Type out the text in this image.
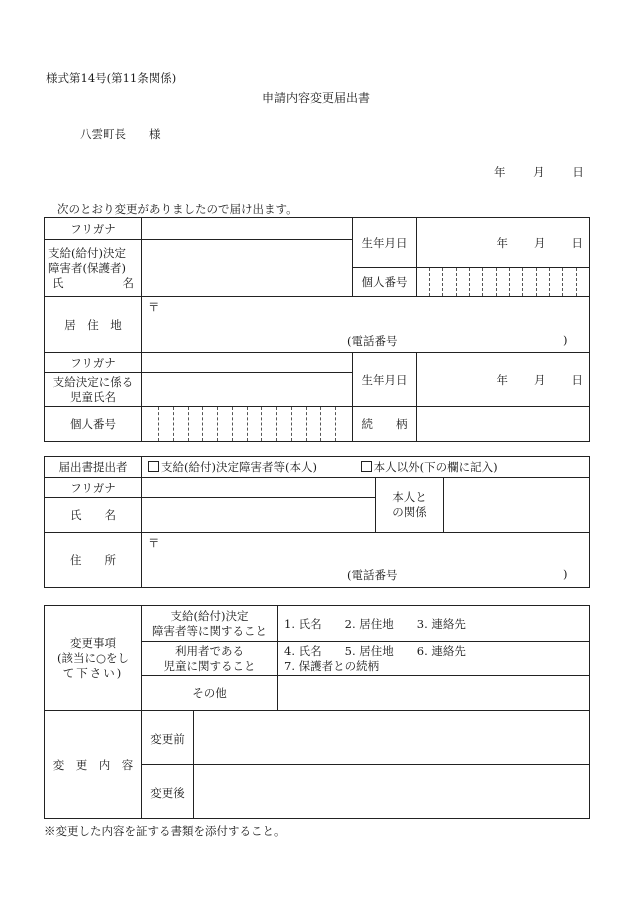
様式第14号(第11条関係)
申請内容変更届出書
八雲町長　　様
年 月 日
次のとおり変更がありましたので届け出ます。
フリガナ		生年月日	年 月 日

支給(給付)決定
障害者(保護者)
氏 名			

		個人番号	

居　住　地	〒
(電話番号 )		

フリガナ		生年月日	年 月 日

支給決定に係る
児童氏名			

個人番号		続　　柄	
届出書提出者	支給(給付)決定障害者等(本人) 本人以外(下の欄に記入)		
フリガナ		本人と
の関係	

氏　　名			
住　　所	〒
(電話番号 )		
変更事項
(該当に○をし
て下さい)	支給(給付)決定
障害者等に関すること		1. 氏名　　2. 居住地　　3. 連絡先

	利用者である
児童に関すること		4. 氏名　　5. 居住地　　6. 連絡先
7. 保護者との続柄

	その他		
変　更　内　容	変更前		
	変更後		
※変更した内容を証する書類を添付すること。
